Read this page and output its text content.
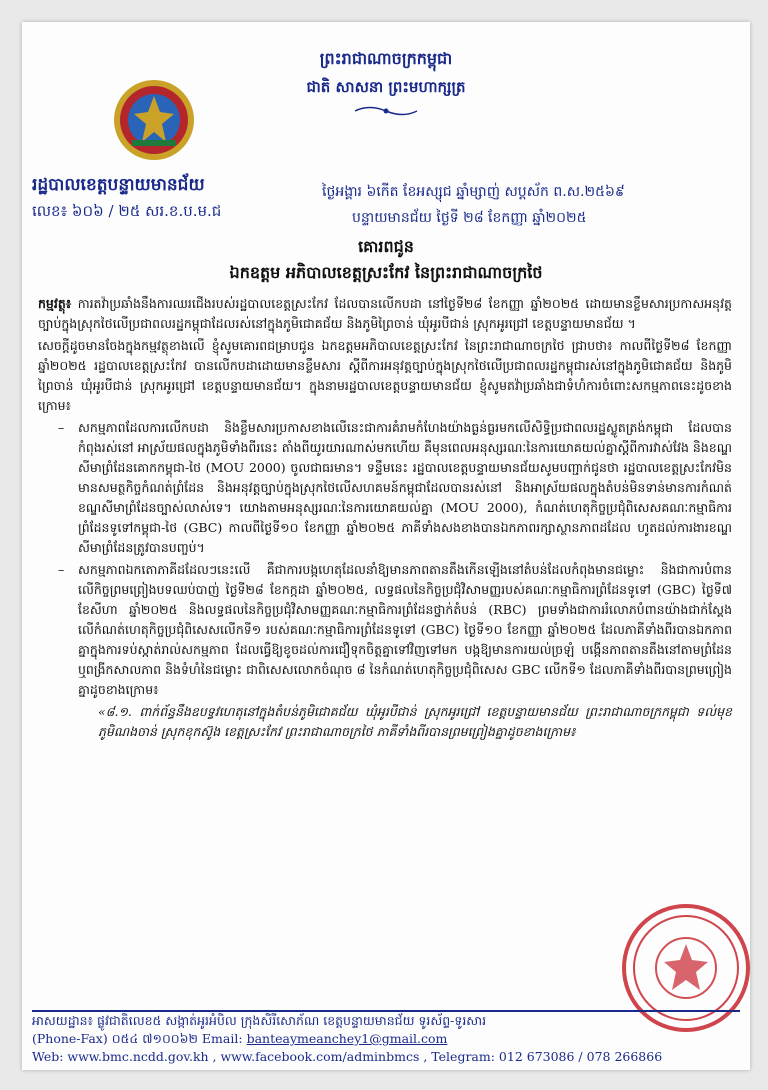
ព្រះរាជាណាចក្រកម្ពុជា
ជាតិ សាសនា ព្រះមហាក្សត្រ
រដ្ឋបាលខេត្តបន្ទាយមានជ័យ
លេខ៖ ៦០៦ / ២៥ សរ.ខ.ប.ម.ជ
ថ្ងៃអង្គារ ៦កើត ខែអស្សុជ ឆ្នាំម្សាញ់ សប្តស័ក ព.ស.២៥៦៩
បន្ទាយមានជ័យ ថ្ងៃទី ២៨ ខែកញ្ញា ឆ្នាំ២០២៥
គោរពជូន
ឯកឧត្តម អភិបាលខេត្តស្រះកែវ នៃព្រះរាជាណាចក្រថៃ

កម្មវត្ថុ៖ ការតវ៉ាប្រឆាំងនឹងការឈរជើងរបស់រដ្ឋបាលខេត្តស្រះកែវ ដែលបានលើកបដា នៅថ្ងៃទី២៨ ខែកញ្ញា ឆ្នាំ២០២៥ ដោយមានខ្លឹមសារប្រកាសអនុវត្តច្បាប់ក្នុងស្រុកថៃលើប្រជាពលរដ្ឋកម្ពុជាដែលរស់នៅក្នុងភូមិជោគជ័យ និងភូមិព្រៃចាន់ ឃុំអូរបីជាន់ ស្រុកអូរជ្រៅ ខេត្តបន្ទាយមានជ័យ ។

សេចក្តីដូចមានចែងក្នុងកម្មវត្ថុខាងលើ ខ្ញុំសូមគោរពជម្រាបជូន ឯកឧត្តមអភិបាលខេត្តស្រះកែវ នៃព្រះរាជាណាចក្រថៃ ជ្រាបថា៖ កាលពីថ្ងៃទី២៨ ខែកញ្ញា ឆ្នាំ២០២៥ រដ្ឋបាលខេត្តស្រះកែវ បានលើកបដាដោយមានខ្លឹមសារ ស្តីពីការអនុវត្តច្បាប់ក្នុងស្រុកថៃលើប្រជាពលរដ្ឋកម្ពុជារស់នៅក្នុងភូមិជោគជ័យ និងភូមិព្រៃចាន់ ឃុំអូរបីជាន់ ស្រុកអូរជ្រៅ ខេត្តបន្ទាយមានជ័យ។ ក្នុងនាមរដ្ឋបាលខេត្តបន្ទាយមានជ័យ ខ្ញុំសូមតវ៉ាប្រឆាំងជាទំហំការចំពោះសកម្មភាពនេះដូចខាងក្រោម៖

– សកម្មភាពដែលការលើកបដា និងខ្លឹមសារប្រកាសខាងលើនេះជាការគំរាមកំហែងយ៉ាងធ្ងន់ធ្ងរមកលើសិទ្ធិប្រជាពលរដ្ឋស្លូតត្រង់កម្ពុជា ដែលបានកំពុងរស់នៅ អាស្រ័យផលក្នុងភូមិទាំងពីរនេះ តាំងពីយូរយារណាស់មកហើយ គឺមុនពេលអនុស្សរណៈនៃការយោគយល់គ្នាស្តីពីការវាស់វែង និងខណ្ឌសីមាព្រំដែនគោកកម្ពុជា-ថៃ (MOU 2000) ចូលជាធរមាន។ ទន្ទឹមនេះ រដ្ឋបាលខេត្តបន្ទាយមានជ័យសូមបញ្ជាក់ជូនថា រដ្ឋបាលខេត្តស្រះកែវមិនមានសមត្ថកិច្ចកំណត់ព្រំដែន និងអនុវត្តច្បាប់ក្នុងស្រុកថៃលើសហគមន៍កម្ពុជាដែលបានរស់នៅ និងអាស្រ័យផលក្នុងតំបន់មិនទាន់មានការកំណត់ខណ្ឌសីមាព្រំដែនច្បាស់លាស់ទេ។ យោងតាមអនុស្សរណៈនៃការយោគយល់គ្នា (MOU 2000), កំណត់ហេតុកិច្ចប្រជុំពិសេសគណៈកម្មាធិការព្រំដែនទូទៅកម្ពុជា-ថៃ (GBC) កាលពីថ្ងៃទី១០ ខែកញ្ញា ឆ្នាំ២០២៥ ភាគីទាំងសងខាងបានឯកភាពរក្សាស្ថានភាពដដែល ហូតដល់ការងារខណ្ឌសីមាព្រំដែនត្រូវបានបញ្ចប់។

– សកម្មភាពឯកតោភាគីដដែលៗនេះលើ គឺជាការបង្កហេតុដែលនាំឱ្យមានភាពតានតឹងកើនឡើងនៅតំបន់ដែលកំពុងមានជម្លោះ និងជាការបំពានលើកិច្ចព្រមព្រៀងបទឈប់បាញ់ ថ្ងៃទី២៨ ខែកក្កដា ឆ្នាំ២០២៥, លទ្ធផលនៃកិច្ចប្រជុំវិសាមញ្ញរបស់គណៈកម្មាធិការព្រំដែនទូទៅ (GBC) ថ្ងៃទី៧ ខែសីហា ឆ្នាំ២០២៥ និងលទ្ធផលនៃកិច្ចប្រជុំវិសាមញ្ញគណៈកម្មាធិការព្រំដែនថ្នាក់តំបន់ (RBC) ព្រមទាំងជាការរំលោភបំពានយ៉ាងជាក់ស្តែងលើកំណត់ហេតុកិច្ចប្រជុំពិសេសលើកទី១ របស់គណៈកម្មាធិការព្រំដែនទូទៅ (GBC) ថ្ងៃទី១០ ខែកញ្ញា ឆ្នាំ២០២៥ ដែលភាគីទាំងពីរបានឯកភាពគ្នាក្នុងការទប់ស្កាត់រាល់សកម្មភាព ដែលធ្វើឱ្យខូចដល់ការជឿទុកចិត្តគ្នាទៅវិញទៅមក បង្កឱ្យមានការយល់ច្រឡំ បង្កើនភាពតានតឹងនៅតាមព្រំដែន ឬពង្រីកសាលភាព និងទំហំនៃជម្លោះ ជាពិសេសលោកចំណុច ៨ នៃកំណត់ហេតុកិច្ចប្រជុំពិសេស GBC លើកទី១ ដែលភាគីទាំងពីរបានព្រមព្រៀងគ្នាដូចខាងក្រោម៖

«៨.១. ពាក់ព័ន្ធនឹងឧបទ្វវហេតុនៅក្នុងតំបន់ភូមិជោគជ័យ ឃុំអូរបីជាន់ ស្រុកអូរជ្រៅ ខេត្តបន្ទាយមានជ័យ ព្រះរាជាណាចក្រកម្ពុជា ទល់មុខ ភូមិណងចាន់ ស្រុកខុកស៊ូង ខេត្តស្រះកែវ ព្រះរាជាណាចក្រថៃ ភាគីទាំងពីរបានព្រមព្រៀងគ្នាដូចខាងក្រោម៖

អាសយដ្ឋាន៖ ផ្លូវជាតិលេខ៥ សង្កាត់អូរអំបិល ក្រុងសិរីសោភ័ណ ខេត្តបន្ទាយមានជ័យ ទូរស័ព្ទ-ទូរសារ
(Phone-Fax) ០៥៤ ៧១០០៦២ Email: banteaymeanchey1@gmail.com
Web: www.bmc.ncdd.gov.kh , www.facebook.com/adminbmcs , Telegram: 012 673086 / 078 266866
